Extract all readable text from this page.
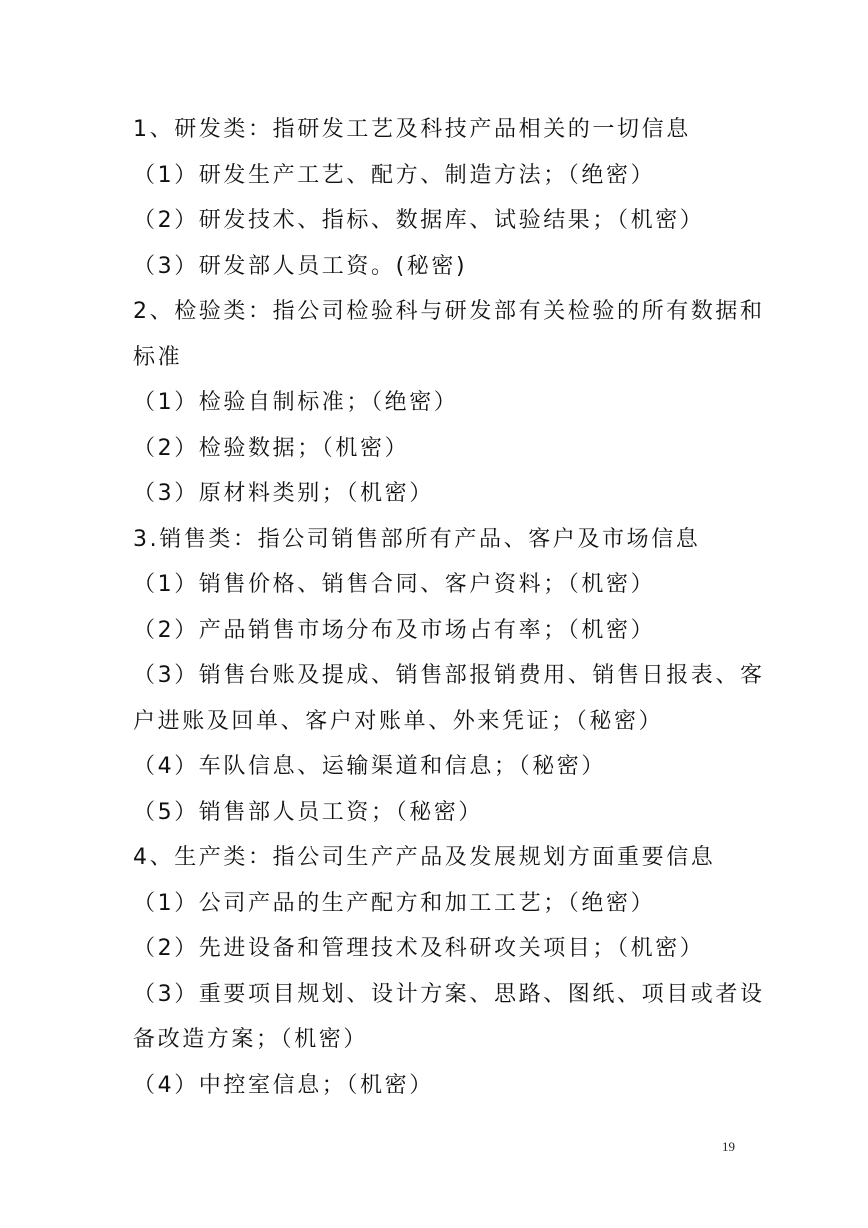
1、研发类：指研发工艺及科技产品相关的一切信息
（1）研发生产工艺、配方、制造方法；（绝密）
（2）研发技术、指标、数据库、试验结果；（机密）
（3）研发部人员工资。(秘密)
2、检验类：指公司检验科与研发部有关检验的所有数据和
标准
（1）检验自制标准；（绝密）
（2）检验数据；（机密）
（3）原材料类别；（机密）
3.销售类：指公司销售部所有产品、客户及市场信息
（1）销售价格、销售合同、客户资料；（机密）
（2）产品销售市场分布及市场占有率；（机密）
（3）销售台账及提成、销售部报销费用、销售日报表、客
户进账及回单、客户对账单、外来凭证；（秘密）
（4）车队信息、运输渠道和信息；（秘密）
（5）销售部人员工资；（秘密）
4、生产类：指公司生产产品及发展规划方面重要信息
（1）公司产品的生产配方和加工工艺；（绝密）
（2）先进设备和管理技术及科研攻关项目；（机密）
（3）重要项目规划、设计方案、思路、图纸、项目或者设
备改造方案；（机密）
（4）中控室信息；（机密）
19
